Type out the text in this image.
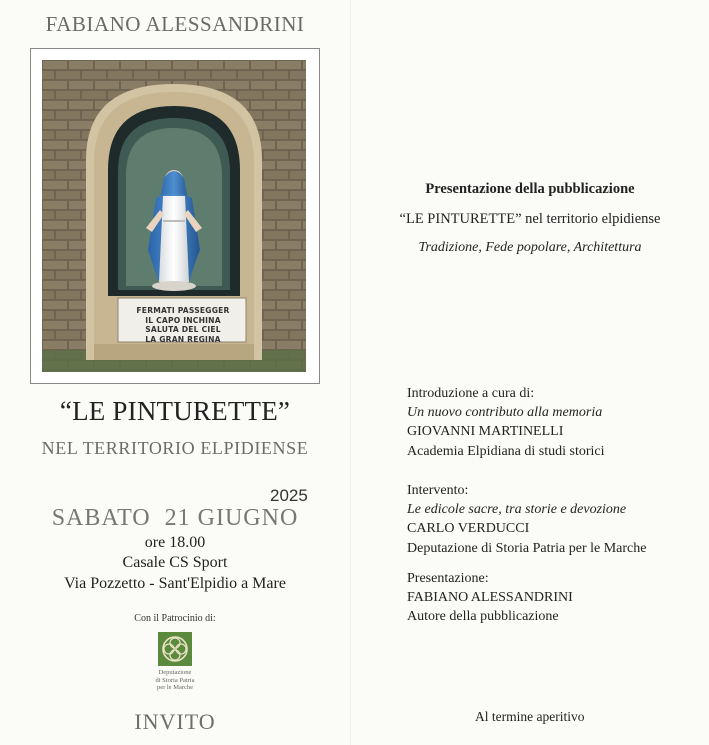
FABIANO ALESSANDRINI
FERMATI PASSEGGER
IL CAPO INCHINA
SALUTA DEL CIEL
LA GRAN REGINA
“LE PINTURETTE”
NEL TERRITORIO ELPIDIENSE
2025
SABATO  21 GIUGNO
ore 18.00
Casale CS Sport
Via Pozzetto - Sant'Elpidio a Mare
Con il Patrocinio di:
Deputazione
di Storia Patria
per le Marche
INVITO
Presentazione della pubblicazione
“LE PINTURETTE” nel territorio elpidiense
Tradizione, Fede popolare, Architettura
Introduzione a cura di:
Un nuovo contributo alla memoria
GIOVANNI MARTINELLI
Academia Elpidiana di studi storici
Intervento:
Le edicole sacre, tra storie e devozione
CARLO VERDUCCI
Deputazione di Storia Patria per le Marche
Presentazione:
FABIANO ALESSANDRINI
Autore della pubblicazione
Al termine aperitivo
